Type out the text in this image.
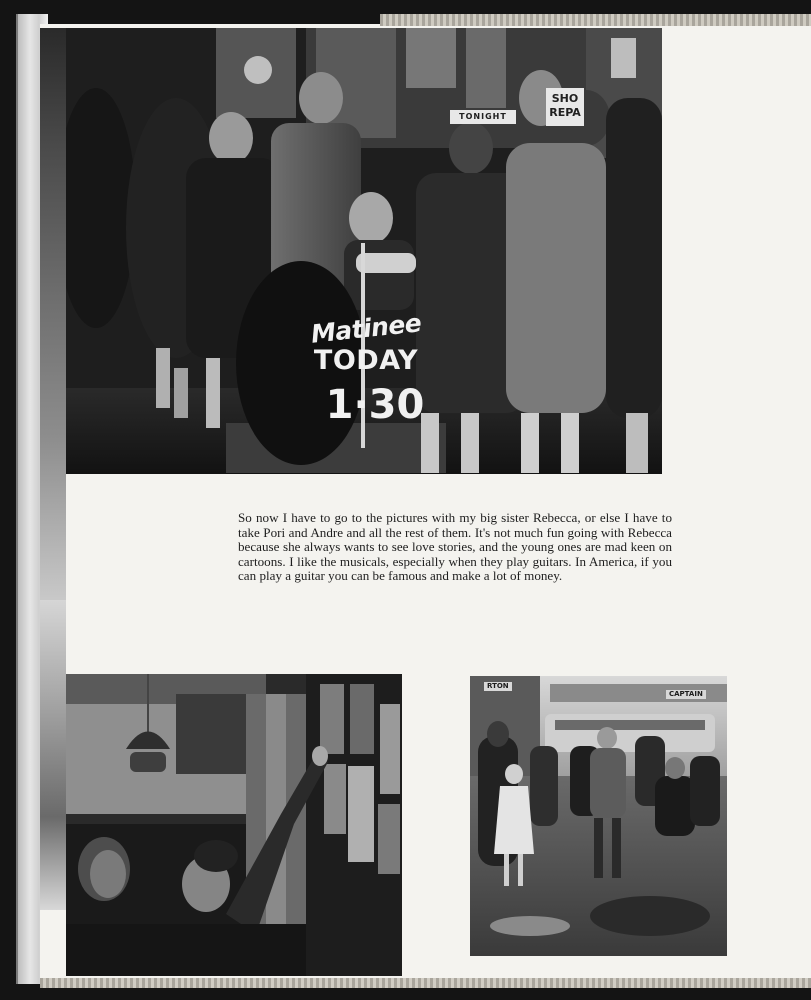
TONIGHT
SHO REPA
Matinee
TODAY
1·30

So now I have to go to the pictures with my big sister Rebecca, or else I have to take Pori and Andre and all the rest of them. It's not much fun going with Rebecca because she always wants to see love stories, and the young ones are mad keen on cartoons. I like the musicals, especially when they play guitars. In America, if you can play a guitar you can be famous and make a lot of money.

RTON
CAPTAIN
